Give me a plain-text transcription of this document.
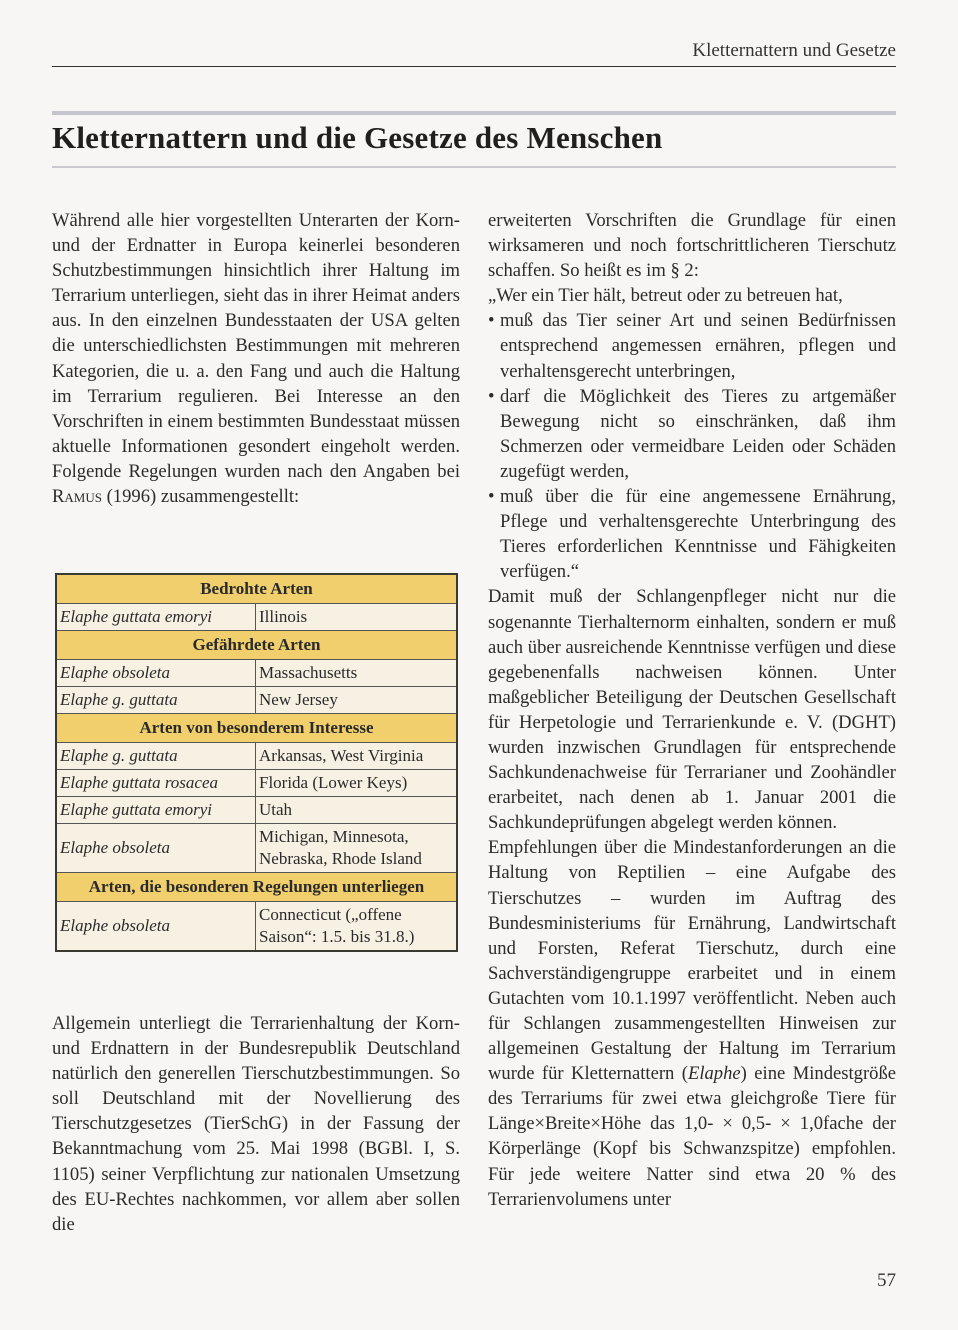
Kletternattern und Gesetze
Kletternattern und die Gesetze des Menschen

Während alle hier vorgestellten Unterarten der Korn- und der Erdnatter in Europa keinerlei besonderen Schutzbestimmungen hinsichtlich ihrer Haltung im Terrarium unterliegen, sieht das in ihrer Heimat anders aus. In den einzelnen Bundesstaaten der USA gelten die unterschiedlichsten Bestimmungen mit mehreren Kategorien, die u. a. den Fang und auch die Haltung im Terrarium regulieren. Bei Interesse an den Vorschriften in einem bestimmten Bundesstaat müssen aktuelle Informationen gesondert eingeholt werden. Folgende Regelungen wurden nach den Angaben bei Ramus (1996) zusammengestellt:

Bedrohte Arten	
Elaphe guttata emoryi	Illinois
Gefährdete Arten	
Elaphe obsoleta	Massachusetts
Elaphe g. guttata	New Jersey
Arten von besonderem Interesse	
Elaphe g. guttata	Arkansas, West Virginia
Elaphe guttata rosacea	Florida (Lower Keys)
Elaphe guttata emoryi	Utah
Elaphe obsoleta	Michigan, Minnesota, Nebraska, Rhode Island
Arten, die besonderen Regelungen unterliegen	
Elaphe obsoleta	Connecticut („offene Saison“: 1.5. bis 31.8.)

Allgemein unterliegt die Terrarienhaltung der Korn- und Erdnattern in der Bundesrepublik Deutschland natürlich den generellen Tierschutzbestimmungen. So soll Deutschland mit der Novellierung des Tierschutzgesetzes (TierSchG) in der Fassung der Bekanntmachung vom 25. Mai 1998 (BGBl. I, S. 1105) seiner Verpflichtung zur nationalen Umsetzung des EU-Rechtes nachkommen, vor allem aber sollen die

erweiterten Vorschriften die Grundlage für einen wirksameren und noch fortschrittlicheren Tierschutz schaffen. So heißt es im § 2:

„Wer ein Tier hält, betreut oder zu betreuen hat,

• muß das Tier seiner Art und seinen Bedürfnissen entsprechend angemessen ernähren, pflegen und verhaltensgerecht unterbringen,

• darf die Möglichkeit des Tieres zu artgemäßer Bewegung nicht so einschränken, daß ihm Schmerzen oder vermeidbare Leiden oder Schäden zugefügt werden,

• muß über die für eine angemessene Ernährung, Pflege und verhaltensgerechte Unterbringung des Tieres erforderlichen Kenntnisse und Fähigkeiten verfügen.“

Damit muß der Schlangenpfleger nicht nur die sogenannte Tierhalternorm einhalten, sondern er muß auch über ausreichende Kenntnisse verfügen und diese gegebenenfalls nachweisen können. Unter maßgeblicher Beteiligung der Deutschen Gesellschaft für Herpetologie und Terrarienkunde e. V. (DGHT) wurden inzwischen Grundlagen für entsprechende Sachkundenachweise für Terrarianer und Zoohändler erarbeitet, nach denen ab 1. Januar 2001 die Sachkundeprüfungen abgelegt werden können.

Empfehlungen über die Mindestanforderungen an die Haltung von Reptilien – eine Aufgabe des Tierschutzes – wurden im Auftrag des Bundesministeriums für Ernährung, Landwirtschaft und Forsten, Referat Tierschutz, durch eine Sachverständigengruppe erarbeitet und in einem Gutachten vom 10.1.1997 veröffentlicht. Neben auch für Schlangen zusammengestellten Hinweisen zur allgemeinen Gestaltung der Haltung im Terrarium wurde für Kletternattern (Elaphe) eine Mindestgröße des Terrariums für zwei etwa gleichgroße Tiere für Länge×Breite×Höhe das 1,0- × 0,5- × 1,0fache der Körperlänge (Kopf bis Schwanzspitze) empfohlen. Für jede weitere Natter sind etwa 20 % des Terrarienvolumens unter

57
